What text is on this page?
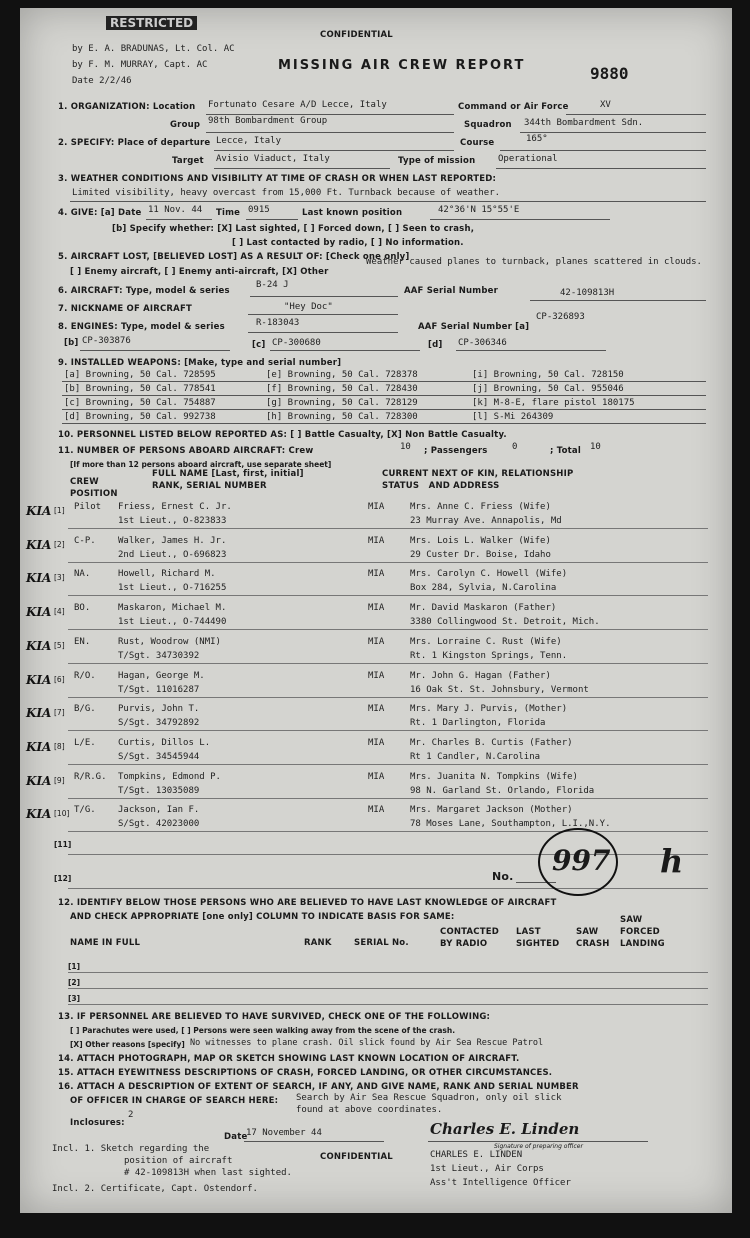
RESTRICTED
CONFIDENTIAL
by E. A. BRADUNAS, Lt. Col. AC
by F. M. MURRAY, Capt. AC
Date 2/2/46
MISSING AIR CREW REPORT	9880
1. ORGANIZATION: Location Fortunato Cesare A/D Lecce, Italy	Command or Air Force	XV
Group 98th Bombardment Group	Squadron 344th Bombardment Sdn.
2. SPECIFY: Place of departure Lecce, Italy	Course	165°
Target Avisio Viaduct, Italy	Type of mission	Operational
3. WEATHER CONDITIONS AND VISIBILITY AT TIME OF CRASH OR WHEN LAST REPORTED:
Limited visibility, heavy overcast from 15,000 Ft. Turnback because of weather.
4. GIVE: [a] Date 11 Nov. 44 Time 0915	Last known position	42°36'N 15°55'E
[b] Specify whether: [X] Last sighted, [ ] Forced down, [ ] Seen to crash,
[ ] Last contacted by radio, [ ] No information.
5. AIRCRAFT LOST, [BELIEVED LOST] AS A RESULT OF: [Check one only]
[ ] Enemy aircraft, [ ] Enemy anti-aircraft, [X] Other
Weather caused planes to turnback, planes scattered in clouds.
6. AIRCRAFT: Type, model & series
B-24 J
AAF Serial Number	42-109813H
7. NICKNAME OF AIRCRAFT	"Hey Doc"
8. ENGINES: Type, model & series	R-183043	AAF Serial Number [a]
CP-326893
[b] CP-303876	[c] CP-300680	[d] CP-306346
9. INSTALLED WEAPONS: [Make, type and serial number]
[a] Browning, 50 Cal. 728595	[e] Browning, 50 Cal. 728378	[i] Browning, 50 Cal. 728150
[b] Browning, 50 Cal. 778541	[f] Browning, 50 Cal. 728430	[j] Browning, 50 Cal. 955046
[c] Browning, 50 Cal. 754887	[g] Browning, 50 Cal. 728129	[k] M-8-E, flare pistol 180175
[d] Browning, 50 Cal. 992738	[h] Browning, 50 Cal. 728300	[l] S-Mi 264309
10. PERSONNEL LISTED BELOW REPORTED AS: [ ] Battle Casualty, [X] Non Battle Casualty.
11. NUMBER OF PERSONS ABOARD AIRCRAFT: Crew	10 ; Passengers	0	; Total 10
[If more than 12 persons aboard aircraft, use separate sheet]
CREW
POSITION
FULL NAME [Last, first, initial]
RANK, SERIAL NUMBER
CURRENT NEXT OF KIN, RELATIONSHIP
STATUS   AND ADDRESS
KIA [1] Pilot Friess, Ernest C. Jr.
1st Lieut., O-823833
MIA	Mrs. Anne C. Friess (Wife)
23 Murray Ave. Annapolis, Md
KIA [2] C-P. Walker, James H. Jr.
2nd Lieut., O-696823
MIA	Mrs. Lois L. Walker (Wife)
29 Custer Dr. Boise, Idaho
KIA [3] NA.	Howell, Richard M.
1st Lieut., O-716255
MIA	Mrs. Carolyn C. Howell (Wife)
Box 284, Sylvia, N.Carolina
KIA [4] BO.	Maskaron, Michael M.
1st Lieut., O-744490
MIA	Mr. David Maskaron (Father)
3380 Collingwood St. Detroit, Mich.
KIA [5] EN.	Rust, Woodrow (NMI)
T/Sgt. 34730392
MIA	Mrs. Lorraine C. Rust (Wife)
Rt. 1 Kingston Springs, Tenn.
KIA [6] R/O. Hagan, George M.
T/Sgt. 11016287
MIA	Mr. John G. Hagan (Father)
16 Oak St. St. Johnsbury, Vermont
KIA [7] B/G. Purvis, John T.
S/Sgt. 34792892
MIA	Mrs. Mary J. Purvis, (Mother)
Rt. 1 Darlington, Florida
KIA [8] L/E. Curtis, Dillos L.
S/Sgt. 34545944
MIA	Mr. Charles B. Curtis (Father)
Rt 1 Candler, N.Carolina
KIA [9] R/R.G. Tompkins, Edmond P.
T/Sgt. 13035089
MIA	Mrs. Juanita N. Tompkins (Wife)
98 N. Garland St. Orlando, Florida
KIA [10] T/G. Jackson, Ian F.
S/Sgt. 42023000
MIA	Mrs. Margaret Jackson (Mother)
78 Moses Lane, Southampton, L.I.,N.Y.
[11]
[12]	No. 997 h
12. IDENTIFY BELOW THOSE PERSONS WHO ARE BELIEVED TO HAVE LAST KNOWLEDGE OF AIRCRAFT
AND CHECK APPROPRIATE [one only] COLUMN TO INDICATE BASIS FOR SAME:
NAME IN FULL	RANK	SERIAL No.
CONTACTED
BY RADIO
LAST
SIGHTED
SAW
CRASH
SAW
FORCED
LANDING
[1]
[2]
[3]
13. IF PERSONNEL ARE BELIEVED TO HAVE SURVIVED, CHECK ONE OF THE FOLLOWING:
[ ] Parachutes were used, [ ] Persons were seen walking away from the scene of the crash.
[X] Other reasons [specify] No witnesses to plane crash. Oil slick found by Air Sea Rescue Patrol
14. ATTACH PHOTOGRAPH, MAP OR SKETCH SHOWING LAST KNOWN LOCATION OF AIRCRAFT.
15. ATTACH EYEWITNESS DESCRIPTIONS OF CRASH, FORCED LANDING, OR OTHER CIRCUMSTANCES.
16. ATTACH A DESCRIPTION OF EXTENT OF SEARCH, IF ANY, AND GIVE NAME, RANK AND SERIAL NUMBER
OF OFFICER IN CHARGE OF SEARCH HERE: Search by Air Sea Rescue Squadron, only oil slick
found at above coordinates.
Inclosures:
2
Date
17 November 44	Charles E. Linden
Signature of preparing officer
Incl. 1. Sketch regarding the
position of aircraft
# 42-109813H when last sighted.
Incl. 2. Certificate, Capt. Ostendorf.
CONFIDENTIAL	CHARLES E. LINDEN
1st Lieut., Air Corps
Ass't Intelligence Officer
